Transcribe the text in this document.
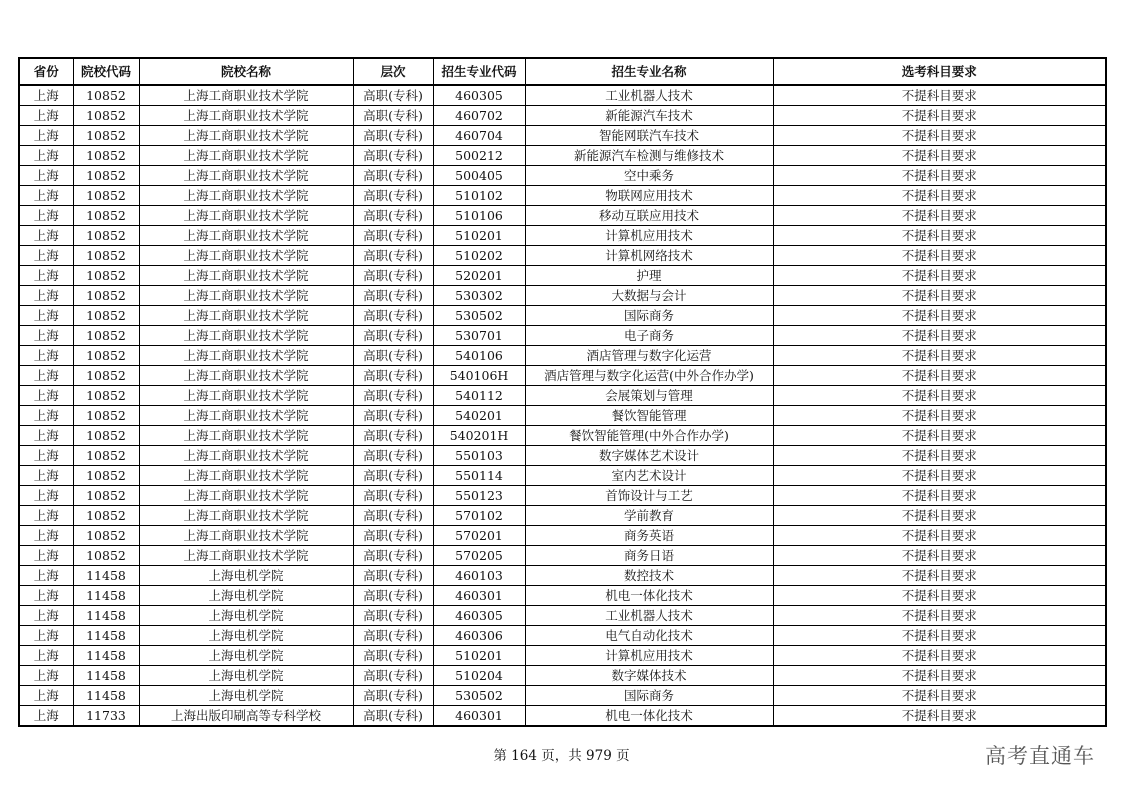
省份	院校代码	院校名称	层次	招生专业代码	招生专业名称	选考科目要求
上海	10852	上海工商职业技术学院	高职(专科)	460305	工业机器人技术	不提科目要求
上海	10852	上海工商职业技术学院	高职(专科)	460702	新能源汽车技术	不提科目要求
上海	10852	上海工商职业技术学院	高职(专科)	460704	智能网联汽车技术	不提科目要求
上海	10852	上海工商职业技术学院	高职(专科)	500212	新能源汽车检测与维修技术	不提科目要求
上海	10852	上海工商职业技术学院	高职(专科)	500405	空中乘务	不提科目要求
上海	10852	上海工商职业技术学院	高职(专科)	510102	物联网应用技术	不提科目要求
上海	10852	上海工商职业技术学院	高职(专科)	510106	移动互联应用技术	不提科目要求
上海	10852	上海工商职业技术学院	高职(专科)	510201	计算机应用技术	不提科目要求
上海	10852	上海工商职业技术学院	高职(专科)	510202	计算机网络技术	不提科目要求
上海	10852	上海工商职业技术学院	高职(专科)	520201	护理	不提科目要求
上海	10852	上海工商职业技术学院	高职(专科)	530302	大数据与会计	不提科目要求
上海	10852	上海工商职业技术学院	高职(专科)	530502	国际商务	不提科目要求
上海	10852	上海工商职业技术学院	高职(专科)	530701	电子商务	不提科目要求
上海	10852	上海工商职业技术学院	高职(专科)	540106	酒店管理与数字化运营	不提科目要求
上海	10852	上海工商职业技术学院	高职(专科)	540106H	酒店管理与数字化运营(中外合作办学)	不提科目要求
上海	10852	上海工商职业技术学院	高职(专科)	540112	会展策划与管理	不提科目要求
上海	10852	上海工商职业技术学院	高职(专科)	540201	餐饮智能管理	不提科目要求
上海	10852	上海工商职业技术学院	高职(专科)	540201H	餐饮智能管理(中外合作办学)	不提科目要求
上海	10852	上海工商职业技术学院	高职(专科)	550103	数字媒体艺术设计	不提科目要求
上海	10852	上海工商职业技术学院	高职(专科)	550114	室内艺术设计	不提科目要求
上海	10852	上海工商职业技术学院	高职(专科)	550123	首饰设计与工艺	不提科目要求
上海	10852	上海工商职业技术学院	高职(专科)	570102	学前教育	不提科目要求
上海	10852	上海工商职业技术学院	高职(专科)	570201	商务英语	不提科目要求
上海	10852	上海工商职业技术学院	高职(专科)	570205	商务日语	不提科目要求
上海	11458	上海电机学院	高职(专科)	460103	数控技术	不提科目要求
上海	11458	上海电机学院	高职(专科)	460301	机电一体化技术	不提科目要求
上海	11458	上海电机学院	高职(专科)	460305	工业机器人技术	不提科目要求
上海	11458	上海电机学院	高职(专科)	460306	电气自动化技术	不提科目要求
上海	11458	上海电机学院	高职(专科)	510201	计算机应用技术	不提科目要求
上海	11458	上海电机学院	高职(专科)	510204	数字媒体技术	不提科目要求
上海	11458	上海电机学院	高职(专科)	530502	国际商务	不提科目要求
上海	11733	上海出版印刷高等专科学校	高职(专科)	460301	机电一体化技术	不提科目要求
第 164 页，共 979 页	高考直通车
